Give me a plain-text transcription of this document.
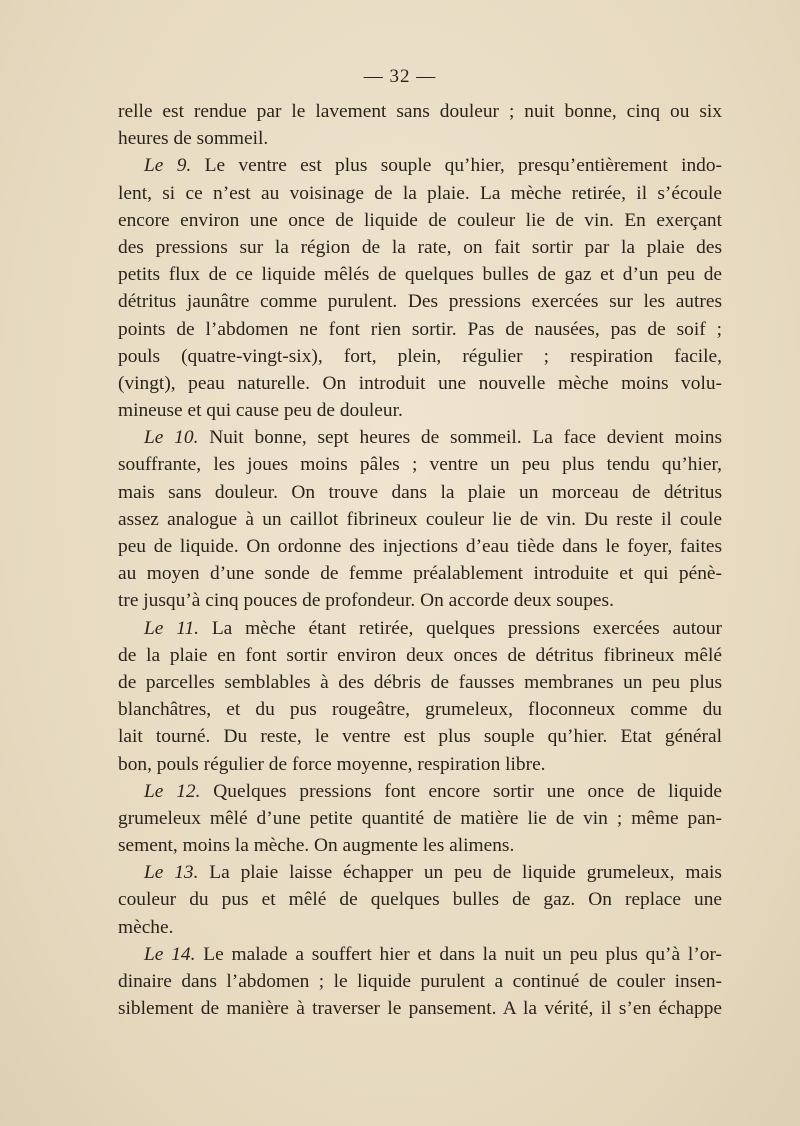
— 32 —
relle est rendue par le lavement sans douleur ; nuit bonne, cinq ou six
heures de sommeil.
Le 9. Le ventre est plus souple qu’hier, presqu’entièrement indo-
lent, si ce n’est au voisinage de la plaie. La mèche retirée, il s’écoule
encore environ une once de liquide de couleur lie de vin. En exerçant
des pressions sur la région de la rate, on fait sortir par la plaie des
petits flux de ce liquide mêlés de quelques bulles de gaz et d’un peu de
détritus jaunâtre comme purulent. Des pressions exercées sur les autres
points de l’abdomen ne font rien sortir. Pas de nausées, pas de soif ;
pouls (quatre-vingt-six), fort, plein, régulier ; respiration facile,
(vingt), peau naturelle. On introduit une nouvelle mèche moins volu-
mineuse et qui cause peu de douleur.
Le 10. Nuit bonne, sept heures de sommeil. La face devient moins
souffrante, les joues moins pâles ; ventre un peu plus tendu qu’hier,
mais sans douleur. On trouve dans la plaie un morceau de détritus
assez analogue à un caillot fibrineux couleur lie de vin. Du reste il coule
peu de liquide. On ordonne des injections d’eau tiède dans le foyer, faites
au moyen d’une sonde de femme préalablement introduite et qui pénè-
tre jusqu’à cinq pouces de profondeur. On accorde deux soupes.
Le 11. La mèche étant retirée, quelques pressions exercées autour
de la plaie en font sortir environ deux onces de détritus fibrineux mêlé
de parcelles semblables à des débris de fausses membranes un peu plus
blanchâtres, et du pus rougeâtre, grumeleux, floconneux comme du
lait tourné. Du reste, le ventre est plus souple qu’hier. Etat général
bon, pouls régulier de force moyenne, respiration libre.
Le 12. Quelques pressions font encore sortir une once de liquide
grumeleux mêlé d’une petite quantité de matière lie de vin ; même pan-
sement, moins la mèche. On augmente les alimens.
Le 13. La plaie laisse échapper un peu de liquide grumeleux, mais
couleur du pus et mêlé de quelques bulles de gaz. On replace une
mèche.
Le 14. Le malade a souffert hier et dans la nuit un peu plus qu’à l’or-
dinaire dans l’abdomen ; le liquide purulent a continué de couler insen-
siblement de manière à traverser le pansement. A la vérité, il s’en échappe
